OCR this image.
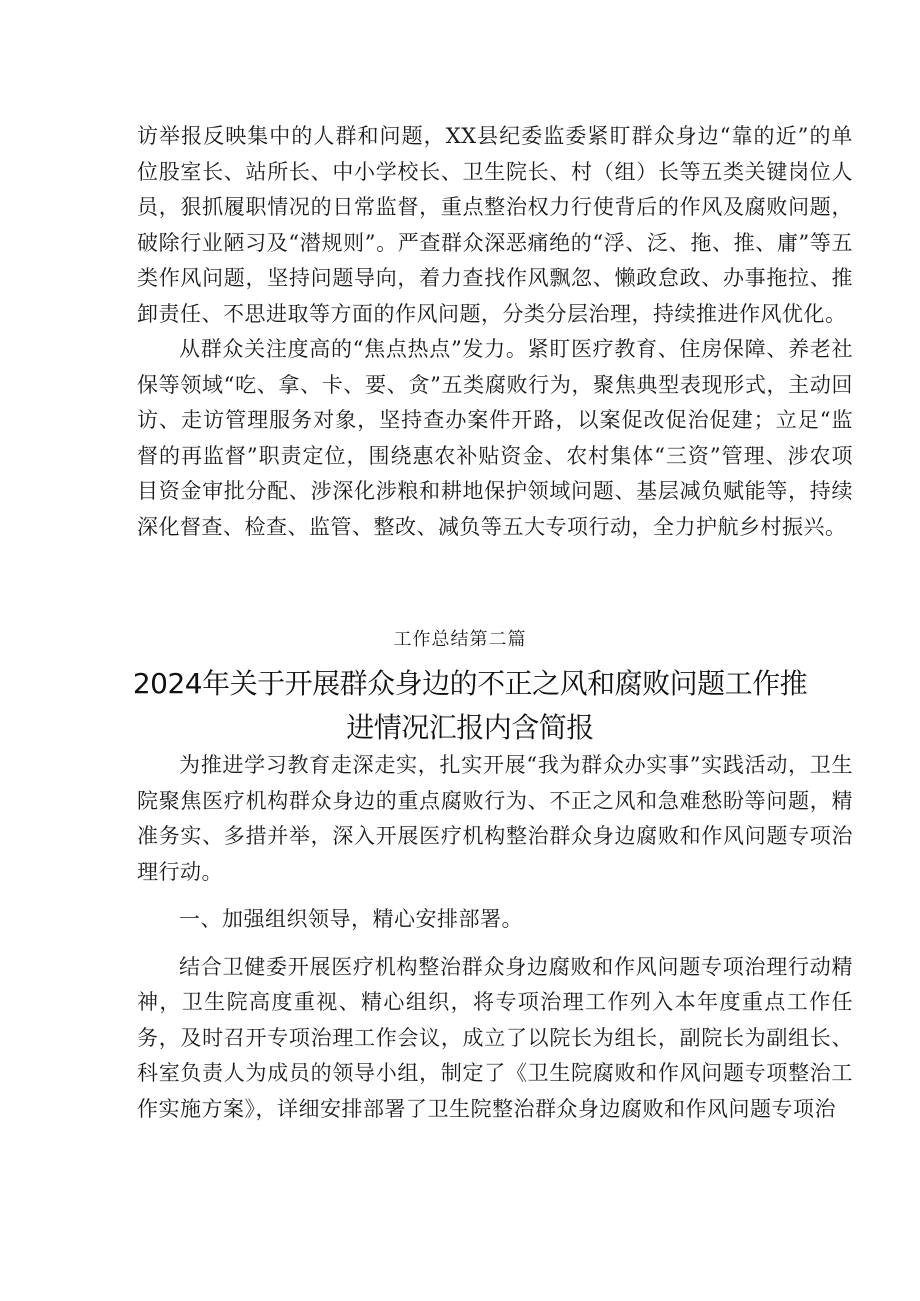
访举报反映集中的人群和问题，XX县纪委监委紧盯群众身边“靠的近”的单位股室长、站所长、中小学校长、卫生院长、村（组）长等五类关键岗位人员，狠抓履职情况的日常监督，重点整治权力行使背后的作风及腐败问题，破除行业陋习及“潜规则”。严查群众深恶痛绝的“浮、泛、拖、推、庸”等五类作风问题，坚持问题导向，着力查找作风飘忽、懒政怠政、办事拖拉、推卸责任、不思进取等方面的作风问题，分类分层治理，持续推进作风优化。

从群众关注度高的“焦点热点”发力。紧盯医疗教育、住房保障、养老社保等领域“吃、拿、卡、要、贪”五类腐败行为，聚焦典型表现形式，主动回访、走访管理服务对象，坚持查办案件开路，以案促改促治促建；立足“监督的再监督”职责定位，围绕惠农补贴资金、农村集体“三资”管理、涉农项目资金审批分配、涉深化涉粮和耕地保护领域问题、基层减负赋能等，持续深化督查、检查、监管、整改、减负等五大专项行动，全力护航乡村振兴。

工作总结第二篇
2024年关于开展群众身边的不正之风和腐败问题工作推进情况汇报内含简报

为推进学习教育走深走实，扎实开展“我为群众办实事”实践活动，卫生院聚焦医疗机构群众身边的重点腐败行为、不正之风和急难愁盼等问题，精准务实、多措并举，深入开展医疗机构整治群众身边腐败和作风问题专项治理行动。

一、加强组织领导，精心安排部署。

结合卫健委开展医疗机构整治群众身边腐败和作风问题专项治理行动精神，卫生院高度重视、精心组织，将专项治理工作列入本年度重点工作任务，及时召开专项治理工作会议，成立了以院长为组长，副院长为副组长、科室负责人为成员的领导小组，制定了《卫生院腐败和作风问题专项整治工作实施方案》，详细安排部署了卫生院整治群众身边腐败和作风问题专项治
